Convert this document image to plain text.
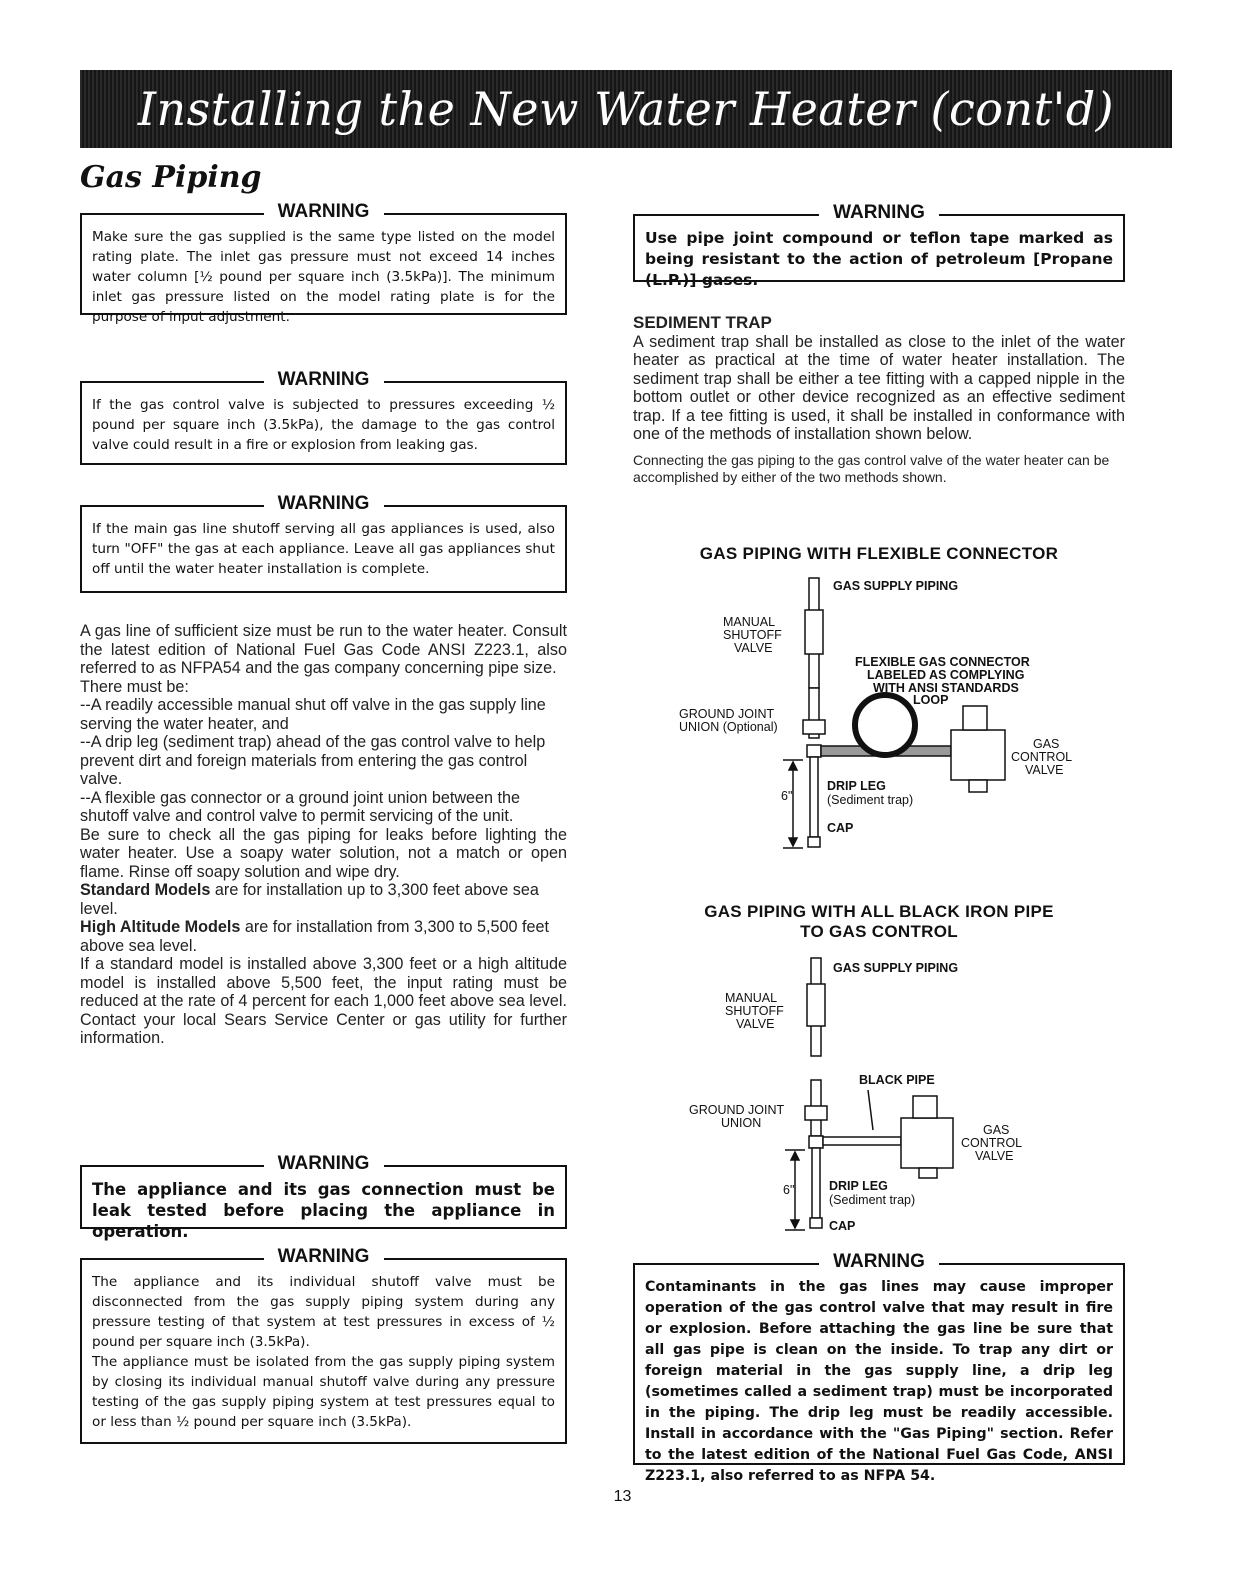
Installing the New Water Heater (cont'd)
Gas Piping
WARNING

Make sure the gas supplied is the same type listed on the model rating plate. The inlet gas pressure must not exceed 14 inches water column [½ pound per square inch (3.5kPa)]. The minimum inlet gas pressure listed on the model rating plate is for the purpose of input adjustment.

WARNING

If the gas control valve is subjected to pressures exceeding ½ pound per square inch (3.5kPa), the damage to the gas control valve could result in a fire or explosion from leaking gas.

WARNING

If the main gas line shutoff serving all gas appliances is used, also turn "OFF" the gas at each appliance. Leave all gas appliances shut off until the water heater installation is complete.

A gas line of sufficient size must be run to the water heater. Consult the latest edition of National Fuel Gas Code ANSI Z223.1, also referred to as NFPA54 and the gas company concerning pipe size.

There must be:

--A readily accessible manual shut off valve in the gas supply line serving the water heater, and

--A drip leg (sediment trap) ahead of the gas control valve to help prevent dirt and foreign materials from entering the gas control valve.

--A flexible gas connector or a ground joint union between the shutoff valve and control valve to permit servicing of the unit.

Be sure to check all the gas piping for leaks before lighting the water heater. Use a soapy water solution, not a match or open flame. Rinse off soapy solution and wipe dry.

Standard Models are for installation up to 3,300 feet above sea level.

High Altitude Models are for installation from 3,300 to 5,500 feet above sea level.

If a standard model is installed above 3,300 feet or a high altitude model is installed above 5,500 feet, the input rating must be reduced at the rate of 4 percent for each 1,000 feet above sea level. Contact your local Sears Service Center or gas utility for further information.

WARNING

The appliance and its gas connection must be leak tested before placing the appliance in operation.

WARNING

The appliance and its individual shutoff valve must be disconnected from the gas supply piping system during any pressure testing of that system at test pressures in excess of ½ pound per square inch (3.5kPa).

The appliance must be isolated from the gas supply piping system by closing its individual manual shutoff valve during any pressure testing of the gas supply piping system at test pressures equal to or less than ½ pound per square inch (3.5kPa).

WARNING

Use pipe joint compound or teflon tape marked as being resistant to the action of petroleum [Propane (L.P.)] gases.

SEDIMENT TRAP

A sediment trap shall be installed as close to the inlet of the water heater as practical at the time of water heater installation. The sediment trap shall be either a tee fitting with a capped nipple in the bottom outlet or other device recognized as an effective sediment trap. If a tee fitting is used, it shall be installed in conformance with one of the methods of installation shown below.

Connecting the gas piping to the gas control valve of the water heater can be accomplished by either of the two methods shown.

GAS PIPING WITH FLEXIBLE CONNECTOR
GAS SUPPLY PIPING
MANUAL
SHUTOFF
VALVE
FLEXIBLE GAS CONNECTOR
LABELED AS COMPLYING
WITH ANSI STANDARDS
GROUND JOINT
UNION (Optional)
LOOP
GAS
CONTROL
VALVE
DRIP LEG
(Sediment trap)
6"
CAP
GAS PIPING WITH ALL BLACK IRON PIPE
TO GAS CONTROL
GAS SUPPLY PIPING
MANUAL
SHUTOFF
VALVE
BLACK PIPE
GROUND JOINT
UNION	GAS
CONTROL
VALVE
DRIP LEG
(Sediment trap)
6"
CAP
WARNING

Contaminants in the gas lines may cause improper operation of the gas control valve that may result in fire or explosion. Before attaching the gas line be sure that all gas pipe is clean on the inside. To trap any dirt or foreign material in the gas supply line, a drip leg (sometimes called a sediment trap) must be incorporated in the piping. The drip leg must be readily accessible. Install in accordance with the "Gas Piping" section. Refer to the latest edition of the National Fuel Gas Code, ANSI Z223.1, also referred to as NFPA 54.

13
